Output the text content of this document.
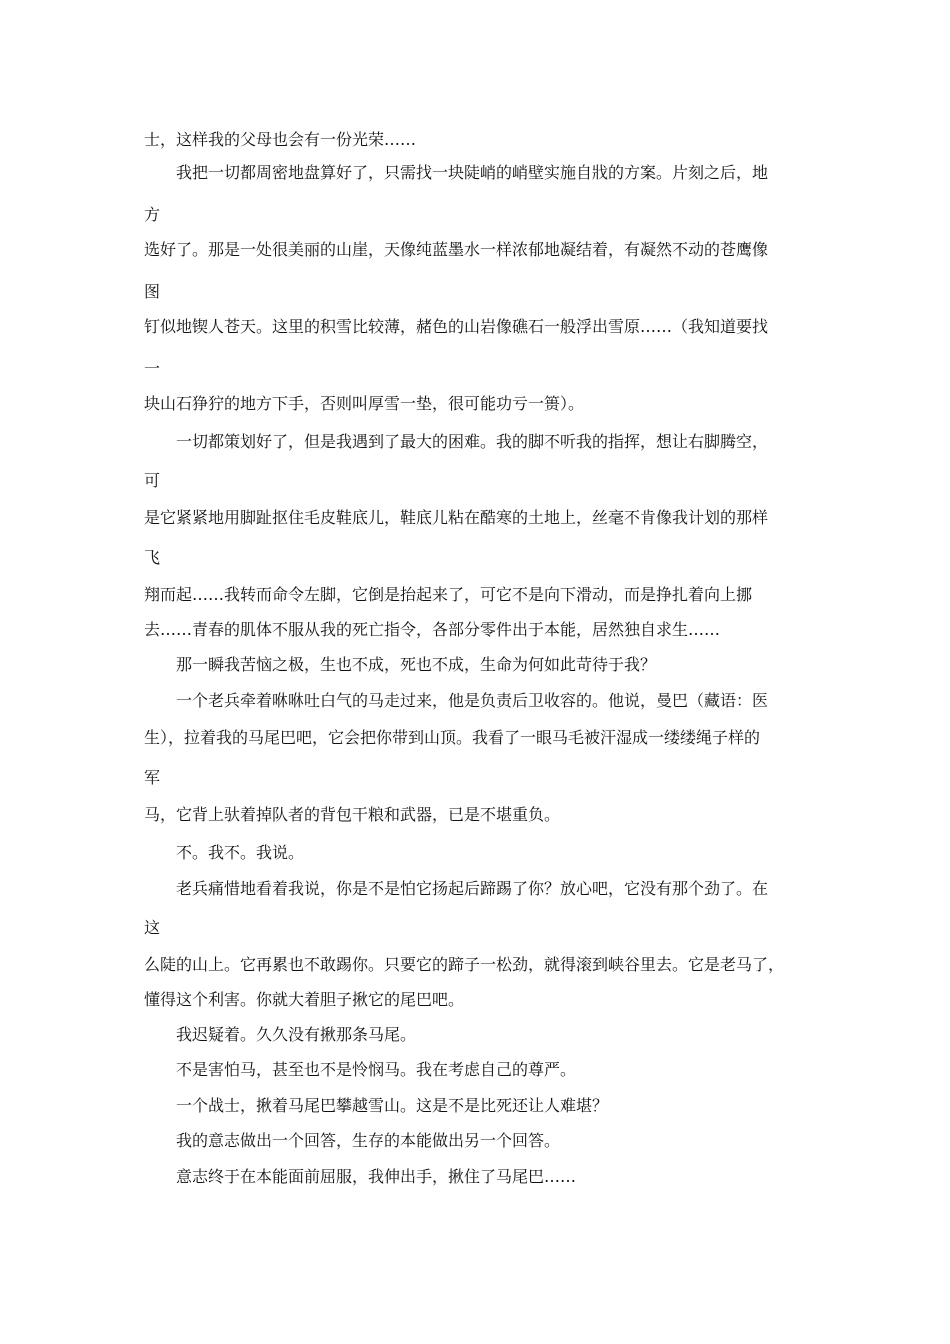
士，这样我的父母也会有一份光荣……

我把一切都周密地盘算好了，只需找一块陡峭的峭壁实施自戕的方案。片刻之后，地

方

选好了。那是一处很美丽的山崖，天像纯蓝墨水一样浓郁地凝结着，有凝然不动的苍鹰像

图

钉似地锲人苍天。这里的积雪比较薄，赭色的山岩像礁石一般浮出雪原……（我知道要找

一

块山石狰狞的地方下手，否则叫厚雪一垫，很可能功亏一篑）。

一切都策划好了，但是我遇到了最大的困难。我的脚不听我的指挥，想让右脚腾空，

可

是它紧紧地用脚趾抠住毛皮鞋底儿，鞋底儿粘在酷寒的土地上，丝毫不肯像我计划的那样

飞

翔而起……我转而命令左脚，它倒是抬起来了，可它不是向下滑动，而是挣扎着向上挪

去……青春的肌体不服从我的死亡指令，各部分零件出于本能，居然独自求生……

那一瞬我苦恼之极，生也不成，死也不成，生命为何如此苛待于我？

一个老兵牵着咻咻吐白气的马走过来，他是负责后卫收容的。他说，曼巴（藏语：医

生），拉着我的马尾巴吧，它会把你带到山顶。我看了一眼马毛被汗湿成一缕缕绳子样的

军

马，它背上驮着掉队者的背包干粮和武器，已是不堪重负。

不。我不。我说。

老兵痛惜地看着我说，你是不是怕它扬起后蹄踢了你？放心吧，它没有那个劲了。在

这

么陡的山上。它再累也不敢踢你。只要它的蹄子一松劲，就得滚到峡谷里去。它是老马了，

懂得这个利害。你就大着胆子揪它的尾巴吧。

我迟疑着。久久没有揪那条马尾。

不是害怕马，甚至也不是怜悯马。我在考虑自己的尊严。

一个战士，揪着马尾巴攀越雪山。这是不是比死还让人难堪？

我的意志做出一个回答，生存的本能做出另一个回答。

意志终于在本能面前屈服，我伸出手，揪住了马尾巴……
